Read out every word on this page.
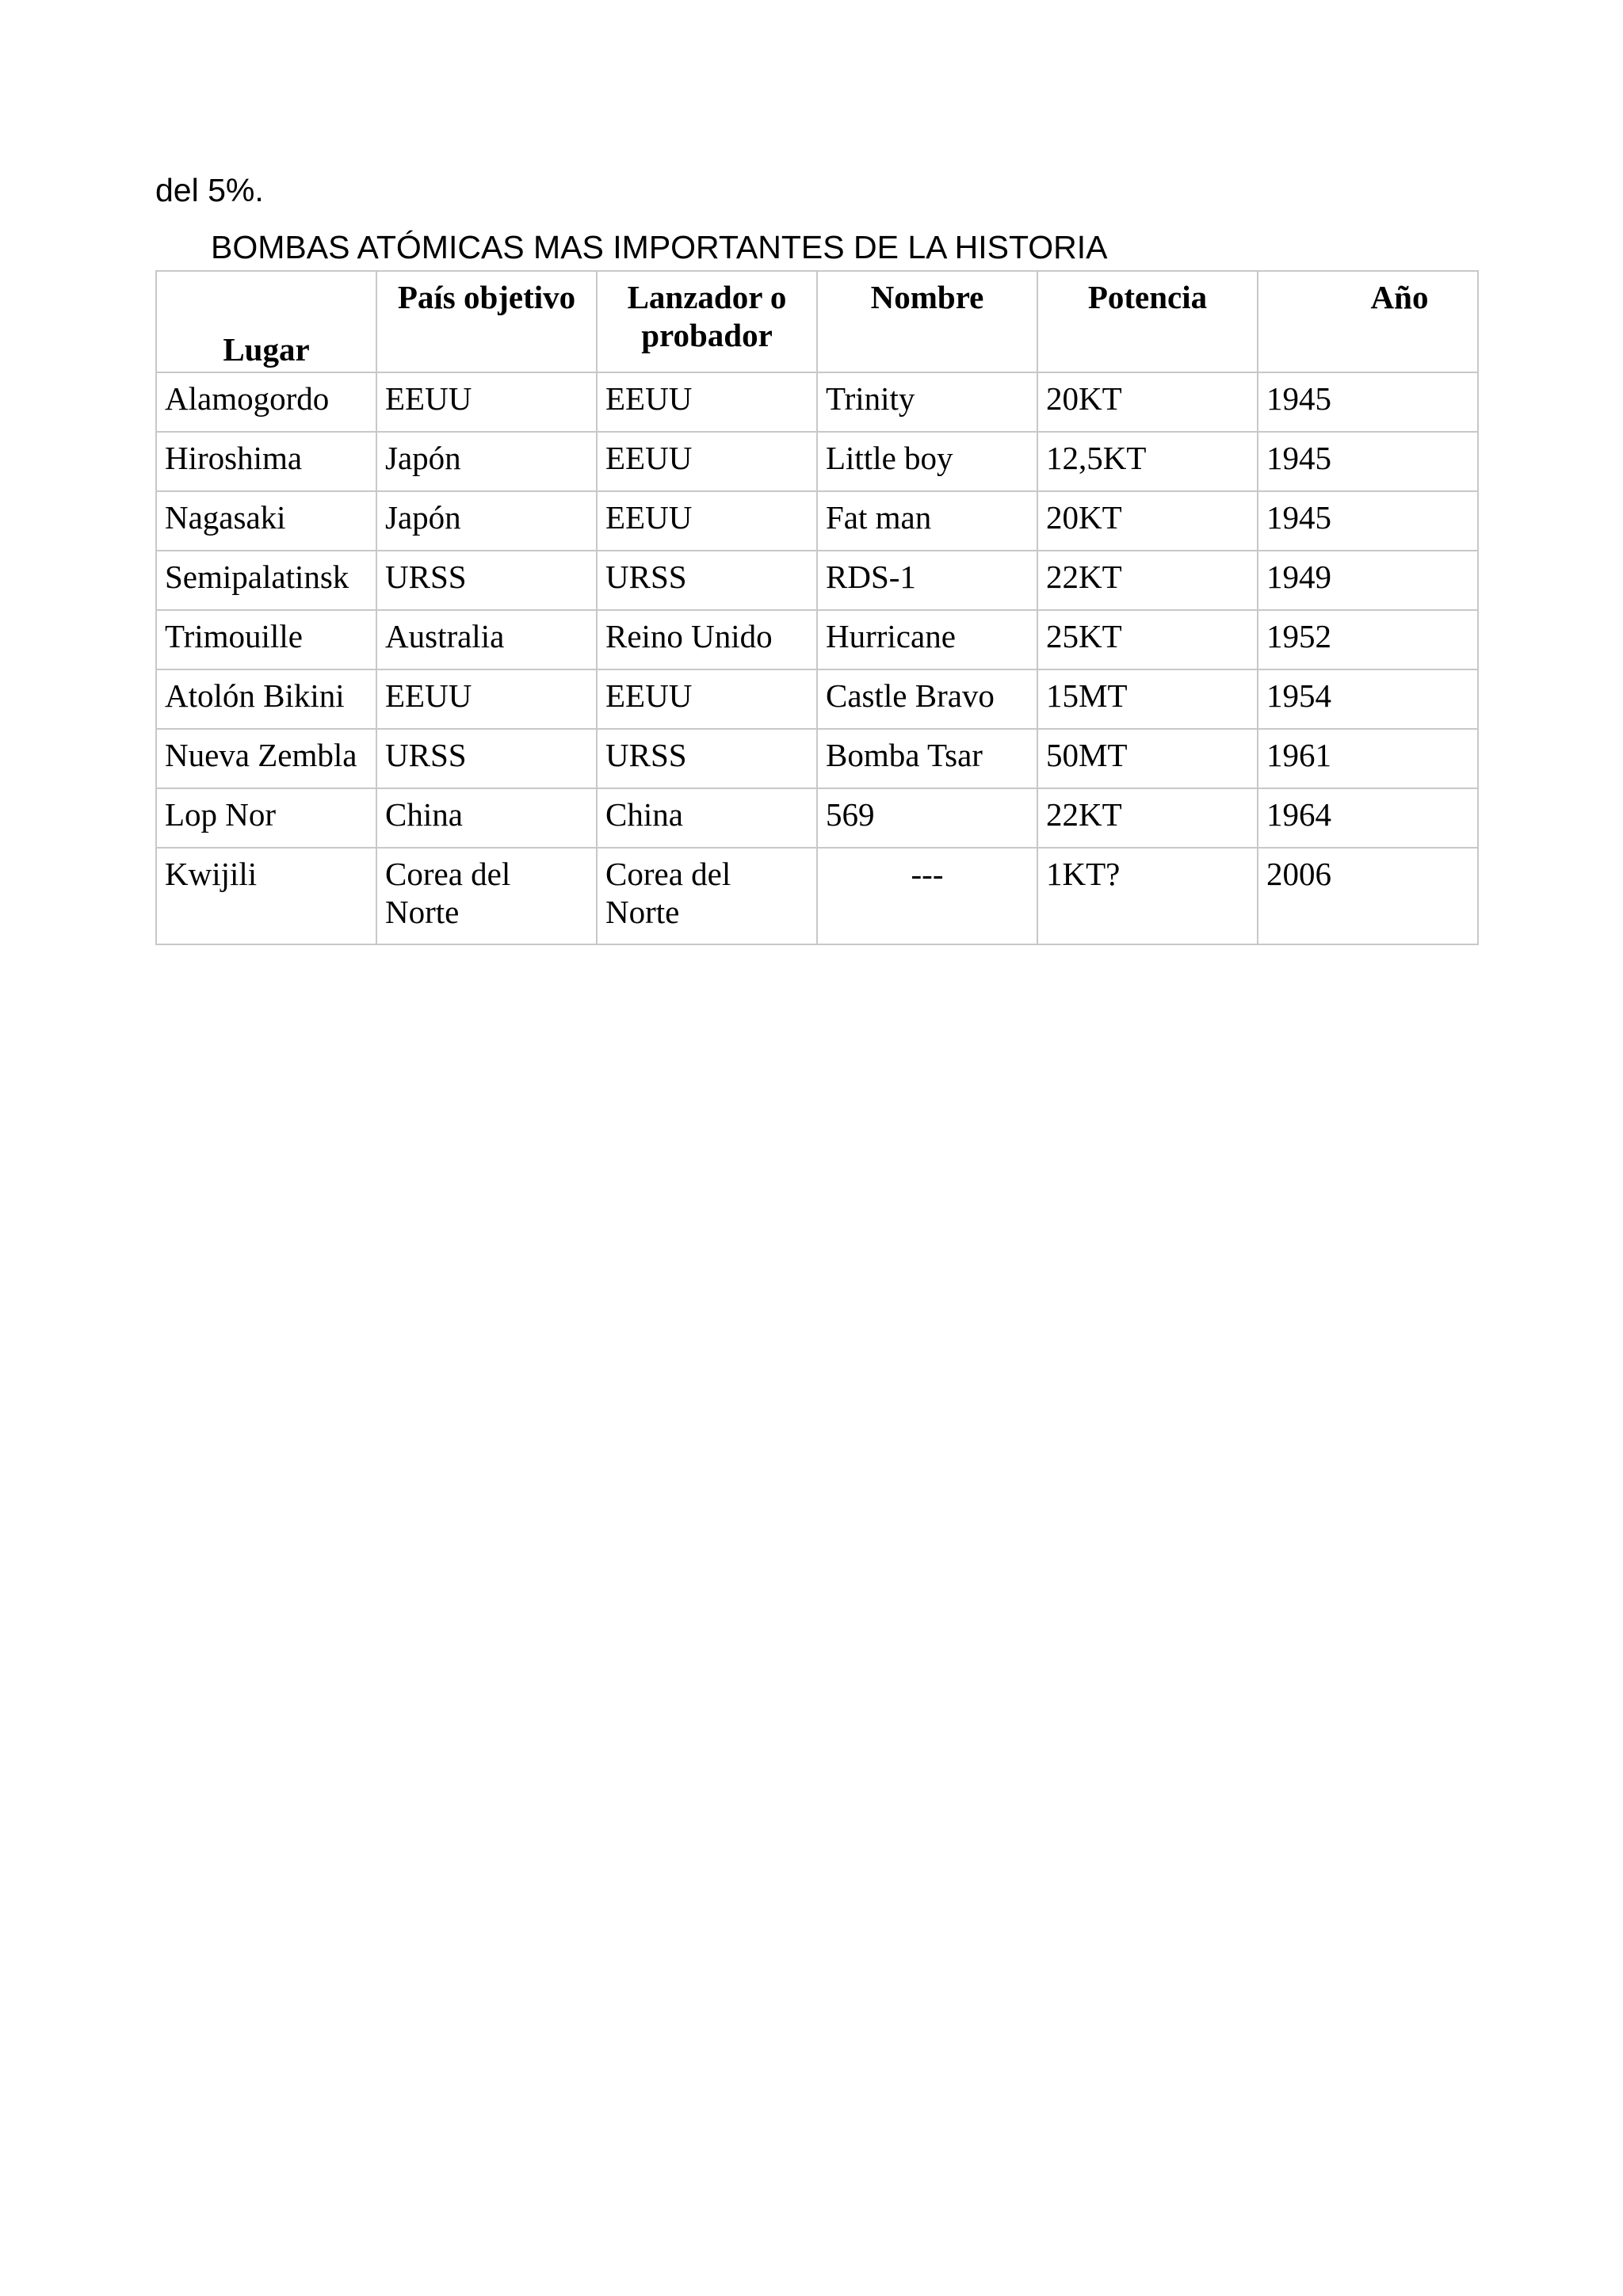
del 5%.

BOMBAS ATÓMICAS MAS IMPORTANTES DE LA HISTORIA

Lugar	País objetivo	Lanzador o probador	Nombre	Potencia	Año
Alamogordo	EEUU	EEUU	Trinity	20KT	1945
Hiroshima	Japón	EEUU	Little boy	12,5KT	1945
Nagasaki	Japón	EEUU	Fat man	20KT	1945
Semipalatinsk	URSS	URSS	RDS-1	22KT	1949
Trimouille	Australia	Reino Unido	Hurricane	25KT	1952
Atolón Bikini	EEUU	EEUU	Castle Bravo	15MT	1954
Nueva Zembla	URSS	URSS	Bomba Tsar	50MT	1961
Lop Nor	China	China	569	22KT	1964
Kwijili	Corea del Norte	Corea del Norte	---	1KT?	2006
